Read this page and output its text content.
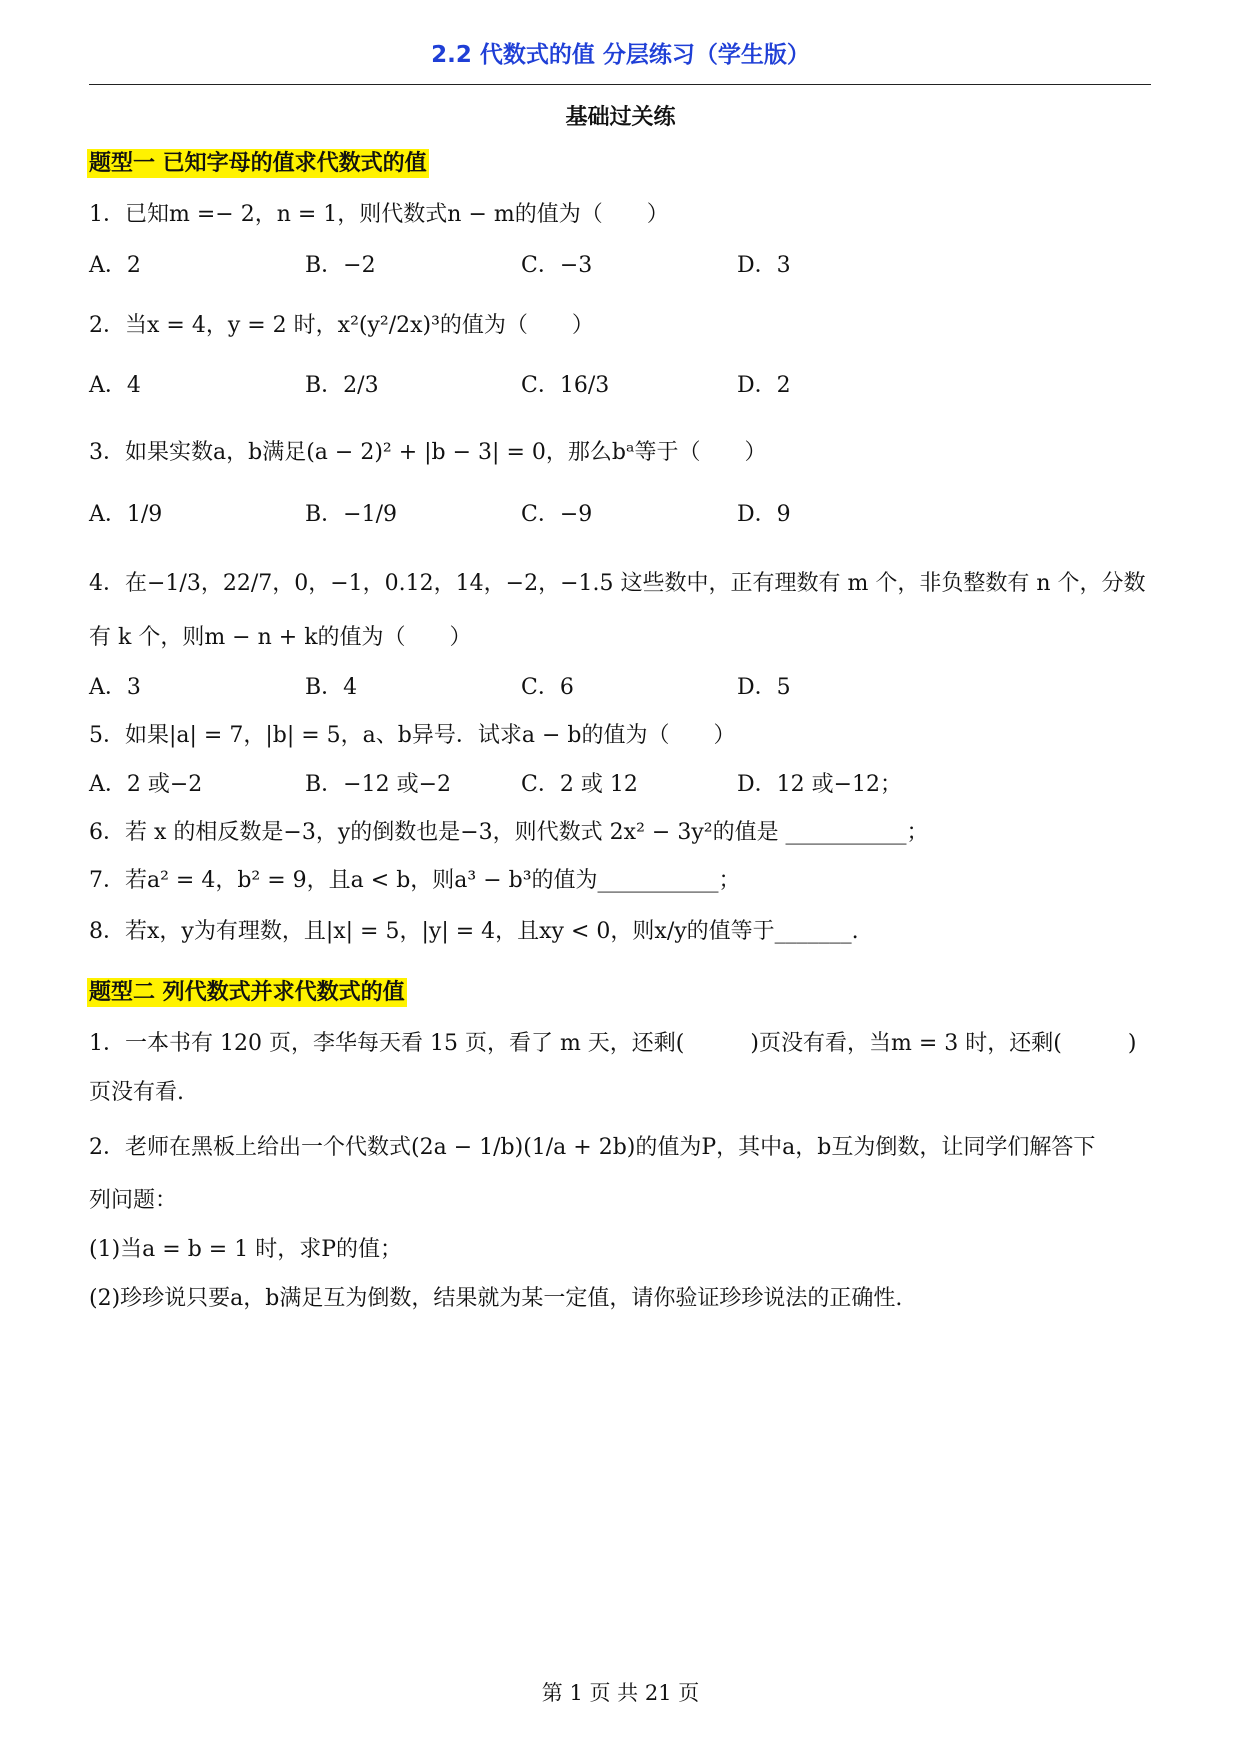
2.2 代数式的值 分层练习（学生版）
基础过关练
题型一 已知字母的值求代数式的值
1．已知m =− 2，n = 1，则代数式n − m的值为（　　）
A．2	B．−2	C．−3	D．3
2．当x = 4，y = 2 时，x²(y²/2x)³的值为（　　）
A．4	B．2/3	C．16/3	D．2
3．如果实数a，b满足(a − 2)² + |b − 3| = 0，那么bᵃ等于（　　）
A．1/9	B．−1/9	C．−9	D．9
4．在−1/3，22/7，0，−1，0.12，14，−2，−1.5 这些数中，正有理数有 m 个，非负整数有 n 个，分数
有 k 个，则m − n + k的值为（　　）
A．3	B．4	C．6	D．5
5．如果|a| = 7，|b| = 5，a、b异号．试求a − b的值为（　　）
A．2 或−2	B．−12 或−2	C．2 或 12	D．12 或−12；
6．若 x 的相反数是−3，y的倒数也是−3，则代数式 2x² − 3y²的值是 ___________；
7．若a² = 4，b² = 9，且a < b，则a³ − b³的值为___________；
8．若x，y为有理数，且|x| = 5，|y| = 4，且xy < 0，则x/y的值等于_______.
题型二 列代数式并求代数式的值
1．一本书有 120 页，李华每天看 15 页，看了 m 天，还剩(　　　)页没有看，当m = 3 时，还剩(　　　)
页没有看.
2．老师在黑板上给出一个代数式(2a − 1/b)(1/a + 2b)的值为P，其中a，b互为倒数，让同学们解答下
列问题：
(1)当a = b = 1 时，求P的值；
(2)珍珍说只要a，b满足互为倒数，结果就为某一定值，请你验证珍珍说法的正确性.
第 1 页 共 21 页
